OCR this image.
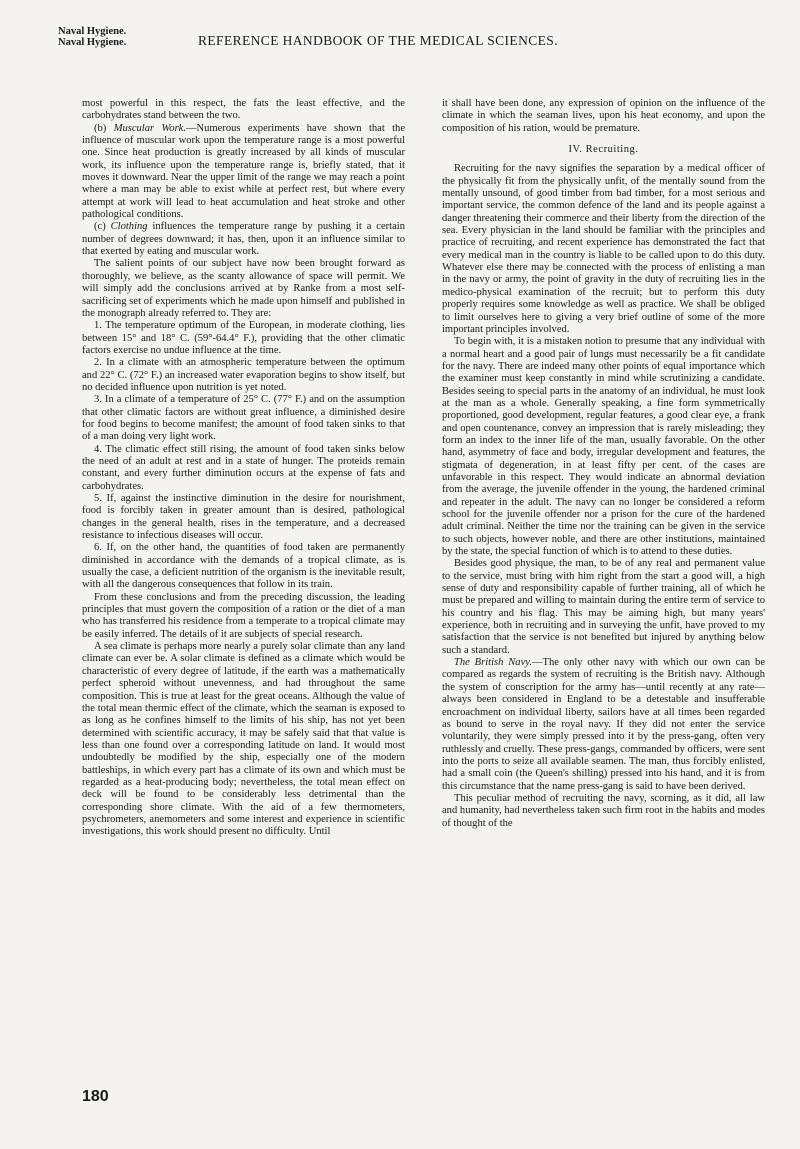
Naval Hygiene.
Naval Hygiene.	REFERENCE HANDBOOK OF THE MEDICAL SCIENCES.

most powerful in this respect, the fats the least effective, and the carbohydrates stand between the two.

(b) Muscular Work.—Numerous experiments have shown that the influence of muscular work upon the temperature range is a most powerful one. Since heat production is greatly increased by all kinds of muscular work, its influence upon the temperature range is, briefly stated, that it moves it downward. Near the upper limit of the range we may reach a point where a man may be able to exist while at perfect rest, but where every attempt at work will lead to heat accumulation and heat stroke and other pathological conditions.

(c) Clothing influences the temperature range by pushing it a certain number of degrees downward; it has, then, upon it an influence similar to that exerted by eating and muscular work.

The salient points of our subject have now been brought forward as thoroughly, we believe, as the scanty allowance of space will permit. We will simply add the conclusions arrived at by Ranke from a most self-sacrificing set of experiments which he made upon himself and published in the monograph already referred to. They are:

1. The temperature optimum of the European, in moderate clothing, lies between 15° and 18° C. (59°-64.4° F.), providing that the other climatic factors exercise no undue influence at the time.

2. In a climate with an atmospheric temperature between the optimum and 22° C. (72° F.) an increased water evaporation begins to show itself, but no decided influence upon nutrition is yet noted.

3. In a climate of a temperature of 25° C. (77° F.) and on the assumption that other climatic factors are without great influence, a diminished desire for food begins to become manifest; the amount of food taken sinks to that of a man doing very light work.

4. The climatic effect still rising, the amount of food taken sinks below the need of an adult at rest and in a state of hunger. The proteids remain constant, and every further diminution occurs at the expense of fats and carbohydrates.

5. If, against the instinctive diminution in the desire for nourishment, food is forcibly taken in greater amount than is desired, pathological changes in the general health, rises in the temperature, and a decreased resistance to infectious diseases will occur.

6. If, on the other hand, the quantities of food taken are permanently diminished in accordance with the demands of a tropical climate, as is usually the case, a deficient nutrition of the organism is the inevitable result, with all the dangerous consequences that follow in its train.

From these conclusions and from the preceding discussion, the leading principles that must govern the composition of a ration or the diet of a man who has transferred his residence from a temperate to a tropical climate may be easily inferred. The details of it are subjects of special research.

A sea climate is perhaps more nearly a purely solar climate than any land climate can ever be. A solar climate is defined as a climate which would be characteristic of every degree of latitude, if the earth was a mathematically perfect spheroid without unevenness, and had throughout the same composition. This is true at least for the great oceans. Although the value of the total mean thermic effect of the climate, which the seaman is exposed to as long as he confines himself to the limits of his ship, has not yet been determined with scientific accuracy, it may be safely said that that value is less than one found over a corresponding latitude on land. It would most undoubtedly be modified by the ship, especially one of the modern battleships, in which every part has a climate of its own and which must be regarded as a heat-producing body; nevertheless, the total mean effect on deck will be found to be considerably less detrimental than the corresponding shore climate. With the aid of a few thermometers, psychrometers, anemometers and some interest and experience in scientific investigations, this work should present no difficulty. Until

it shall have been done, any expression of opinion on the influence of the climate in which the seaman lives, upon his heat economy, and upon the composition of his ration, would be premature.

IV. Recruiting.

Recruiting for the navy signifies the separation by a medical officer of the physically fit from the physically unfit, of the mentally sound from the mentally unsound, of good timber from bad timber, for a most serious and important service, the common defence of the land and its people against a danger threatening their commerce and their liberty from the direction of the sea. Every physician in the land should be familiar with the principles and practice of recruiting, and recent experience has demonstrated the fact that every medical man in the country is liable to be called upon to do this duty. Whatever else there may be connected with the process of enlisting a man in the navy or army, the point of gravity in the duty of recruiting lies in the medico-physical examination of the recruit; but to perform this duty properly requires some knowledge as well as practice. We shall be obliged to limit ourselves here to giving a very brief outline of some of the more important principles involved.

To begin with, it is a mistaken notion to presume that any individual with a normal heart and a good pair of lungs must necessarily be a fit candidate for the navy. There are indeed many other points of equal importance which the examiner must keep constantly in mind while scrutinizing a candidate. Besides seeing to special parts in the anatomy of an individual, he must look at the man as a whole. Generally speaking, a fine form symmetrically proportioned, good development, regular features, a good clear eye, a frank and open countenance, convey an impression that is rarely misleading; they form an index to the inner life of the man, usually favorable. On the other hand, asymmetry of face and body, irregular development and features, the stigmata of degeneration, in at least fifty per cent. of the cases are unfavorable in this respect. They would indicate an abnormal deviation from the average, the juvenile offender in the young, the hardened criminal and repeater in the adult. The navy can no longer be considered a reform school for the juvenile offender nor a prison for the cure of the hardened adult criminal. Neither the time nor the training can be given in the service to such objects, however noble, and there are other institutions, maintained by the state, the special function of which is to attend to these duties.

Besides good physique, the man, to be of any real and permanent value to the service, must bring with him right from the start a good will, a high sense of duty and responsibility capable of further training, all of which he must be prepared and willing to maintain during the entire term of service to his country and his flag. This may be aiming high, but many years' experience, both in recruiting and in surveying the unfit, have proved to my satisfaction that the service is not benefited but injured by anything below such a standard.

The British Navy.—The only other navy with which our own can be compared as regards the system of recruiting is the British navy. Although the system of conscription for the army has—until recently at any rate—always been considered in England to be a detestable and insufferable encroachment on individual liberty, sailors have at all times been regarded as bound to serve in the royal navy. If they did not enter the service voluntarily, they were simply pressed into it by the press-gang, often very ruthlessly and cruelly. These press-gangs, commanded by officers, were sent into the ports to seize all available seamen. The man, thus forcibly enlisted, had a small coin (the Queen's shilling) pressed into his hand, and it is from this circumstance that the name press-gang is said to have been derived.

This peculiar method of recruiting the navy, scorning, as it did, all law and humanity, had nevertheless taken such firm root in the habits and modes of thought of the

180
